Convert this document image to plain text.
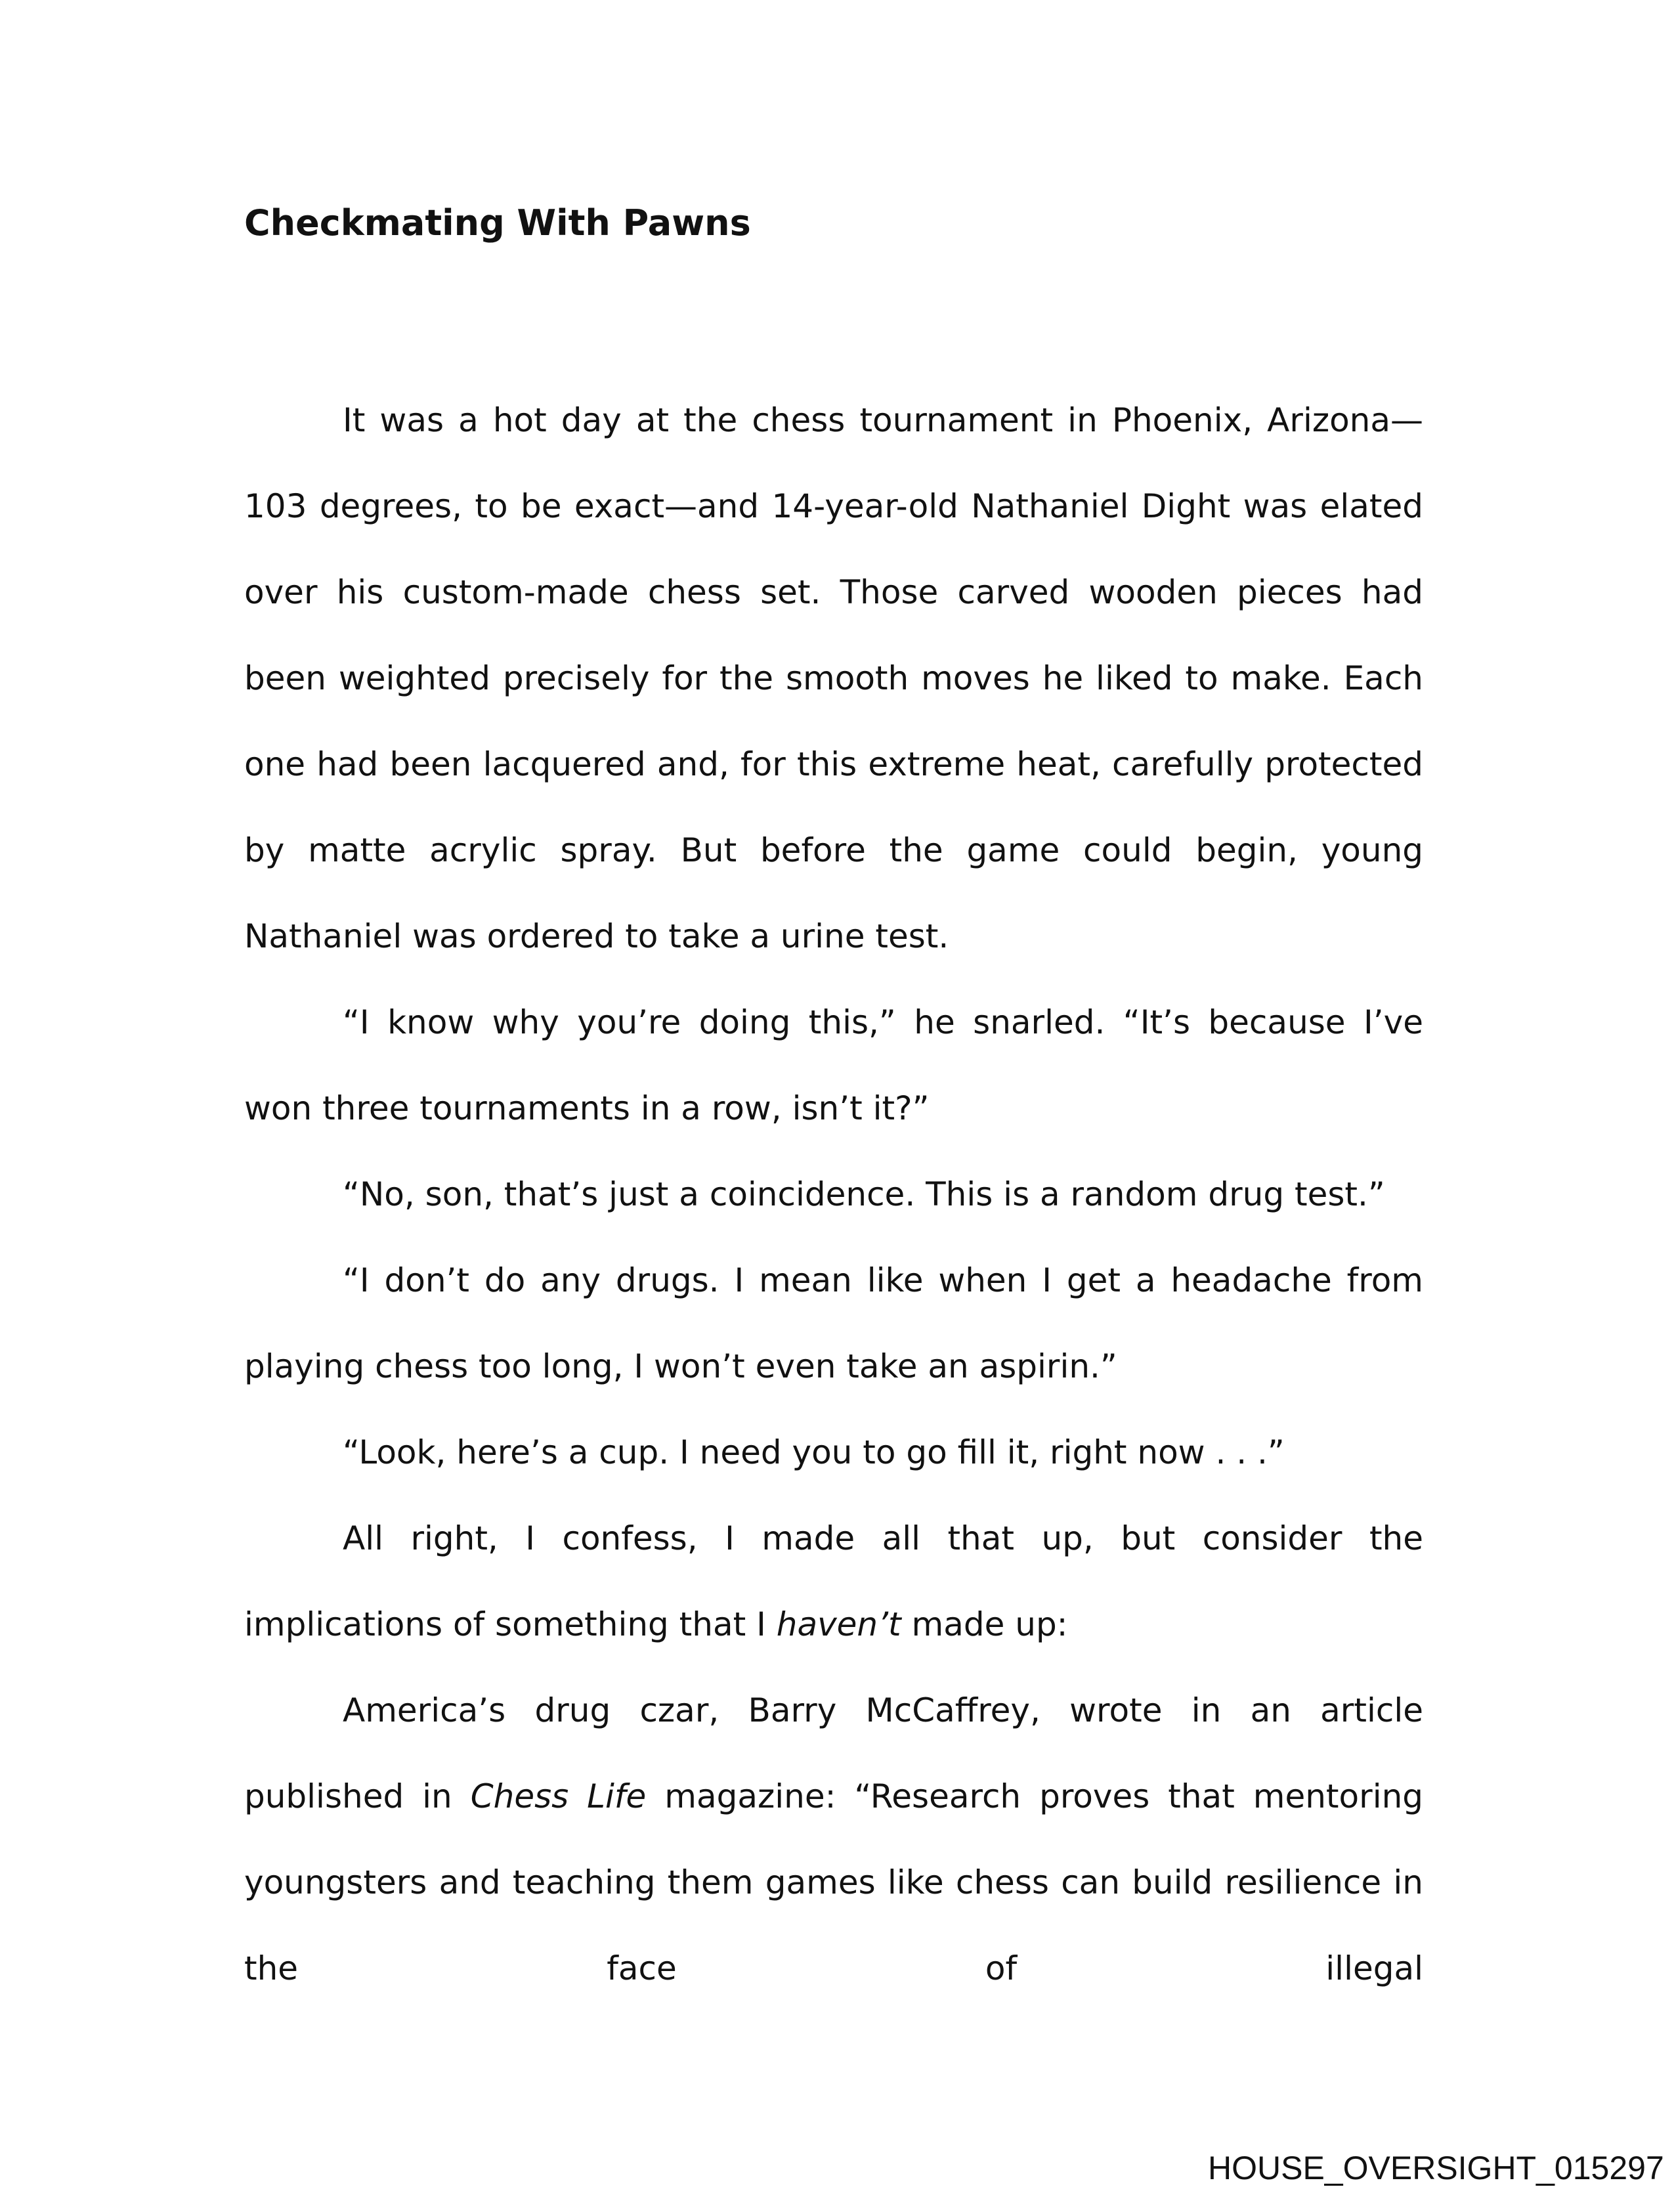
Checkmating With Pawns

It was a hot day at the chess tournament in Phoenix, Arizona—103 degrees, to be exact—and 14-year-old Nathaniel Dight was elated over his custom-made chess set. Those carved wooden pieces had been weighted precisely for the smooth moves he liked to make. Each one had been lacquered and, for this extreme heat, carefully protected by matte acrylic spray. But before the game could begin, young Nathaniel was ordered to take a urine test.

“I know why you’re doing this,” he snarled. “It’s because I’ve won three tournaments in a row, isn’t it?”

“No, son, that’s just a coincidence. This is a random drug test.”

“I don’t do any drugs. I mean like when I get a headache from playing chess too long, I won’t even take an aspirin.”

“Look, here’s a cup. I need you to go fill it, right now . . .”

All right, I confess, I made all that up, but consider the implications of something that I haven’t made up:

America’s drug czar, Barry McCaffrey, wrote in an article published in Chess Life magazine: “Research proves that mentoring youngsters and teaching them games like chess can build resilience in the face of illegal

HOUSE_OVERSIGHT_015297
